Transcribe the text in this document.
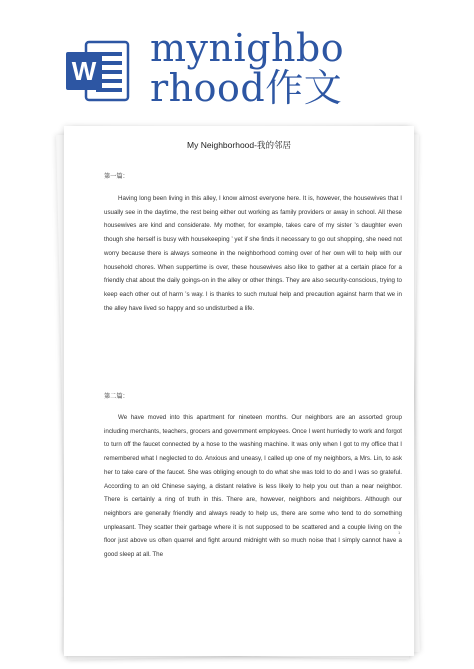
W
mynighbo
rhood作文
My Neighborhood-我的邻居
第一篇：

Having long been living in this alley, I know almost everyone here. It is, however, the housewives that I usually see in the daytime, the rest being either out working as family providers or away in school. All these housewives are kind and considerate. My mother, for example, takes care of my sister ’s daughter even though she herself is busy with housekeeping ’ yet if she finds it necessary to go out shopping, she need not worry because there is always someone in the neighborhood coming over of her own will to help with our household chores. When suppertime is over, these housewives also like to gather at a certain place for a friendly chat about the daily goings-on in the alley or other things. They are also security-conscious, trying to keep each other out of harm ’s way. I is thanks to such mutual help and precaution against harm that we in the alley have lived so happy and so undisturbed a life.

第二篇：

We have moved into this apartment for nineteen months. Our neighbors are an assorted group including merchants, teachers, grocers and government employees. Once I went hurriedly to work and forgot to turn off the faucet connected by a hose to the washing machine. It was only when I got to my office that I remembered what I neglected to do. Anxious and uneasy, I called up one of my neighbors, a Mrs. Lin, to ask her to take care of the faucet. She was obliging enough to do what she was told to do and I was so grateful. According to an old Chinese saying, a distant relative is less likely to help you out than a near neighbor. There is certainly a ring of truth in this. There are, however, neighbors and neighbors. Although our neighbors are generally friendly and always ready to help us, there are some who tend to do something unpleasant. They scatter their garbage where it is not supposed to be scattered and a couple living on the floor just above us often quarrel and fight around midnight with so much noise that I simply cannot have a good sleep at all. The

1
